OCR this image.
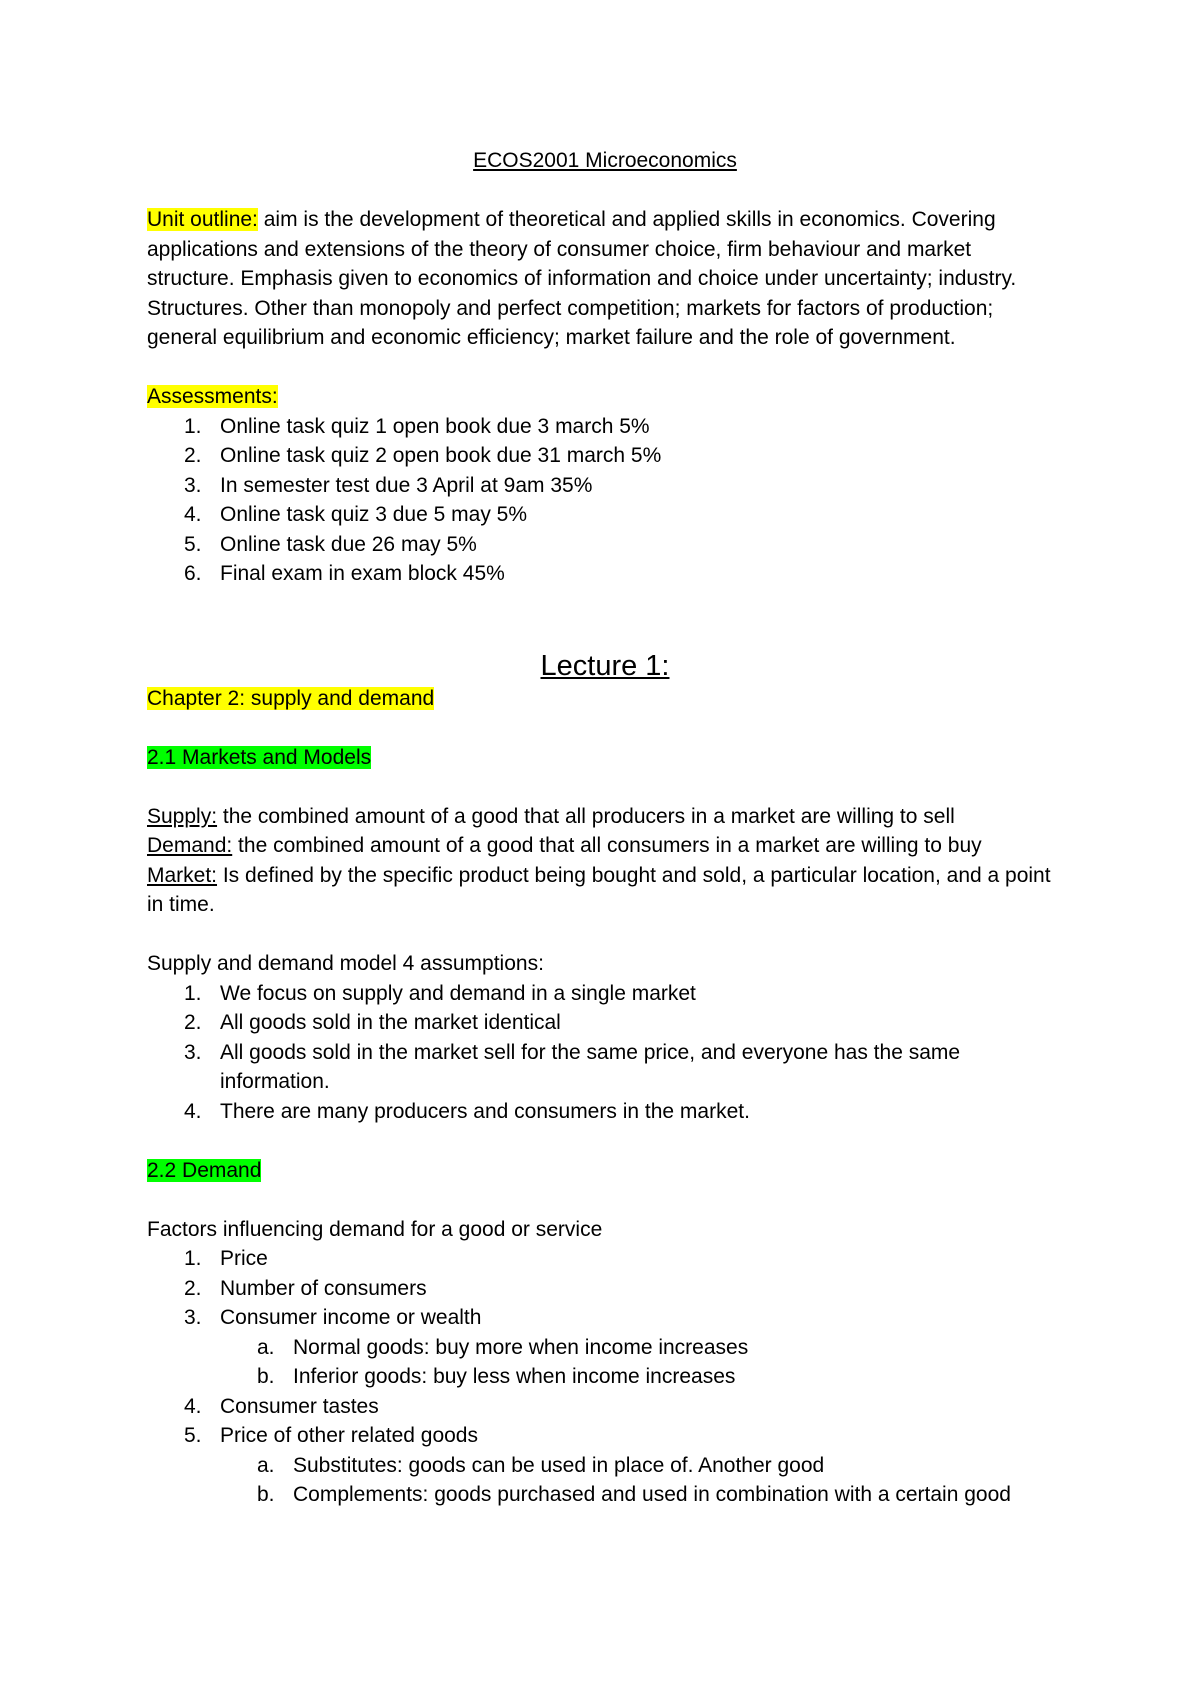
ECOS2001 Microeconomics

Unit outline: aim is the development of theoretical and applied skills in economics. Covering applications and extensions of the theory of consumer choice, firm behaviour and market structure. Emphasis given to economics of information and choice under uncertainty; industry. Structures. Other than monopoly and perfect competition; markets for factors of production; general equilibrium and economic efficiency; market failure and the role of government.

Assessments:

1. Online task quiz 1 open book due 3 march 5%
2. Online task quiz 2 open book due 31 march 5%
3. In semester test due 3 April at 9am 35%
4. Online task quiz 3 due 5 may 5%
5. Online task due 26 may 5%
6. Final exam in exam block 45%
Lecture 1:

Chapter 2: supply and demand

2.1 Markets and Models

Supply: the combined amount of a good that all producers in a market are willing to sell

Demand: the combined amount of a good that all consumers in a market are willing to buy

Market: Is defined by the specific product being bought and sold, a particular location, and a point in time.

Supply and demand model 4 assumptions:

1. We focus on supply and demand in a single market
2. All goods sold in the market identical
3. All goods sold in the market sell for the same price, and everyone has the same information.
4. There are many producers and consumers in the market.

2.2 Demand

Factors influencing demand for a good or service

1. Price
2. Number of consumers
3. Consumer income or wealth
a. Normal goods: buy more when income increases
b. Inferior goods: buy less when income increases
4. Consumer tastes
5. Price of other related goods
a. Substitutes: goods can be used in place of. Another good
b. Complements: goods purchased and used in combination with a certain good
